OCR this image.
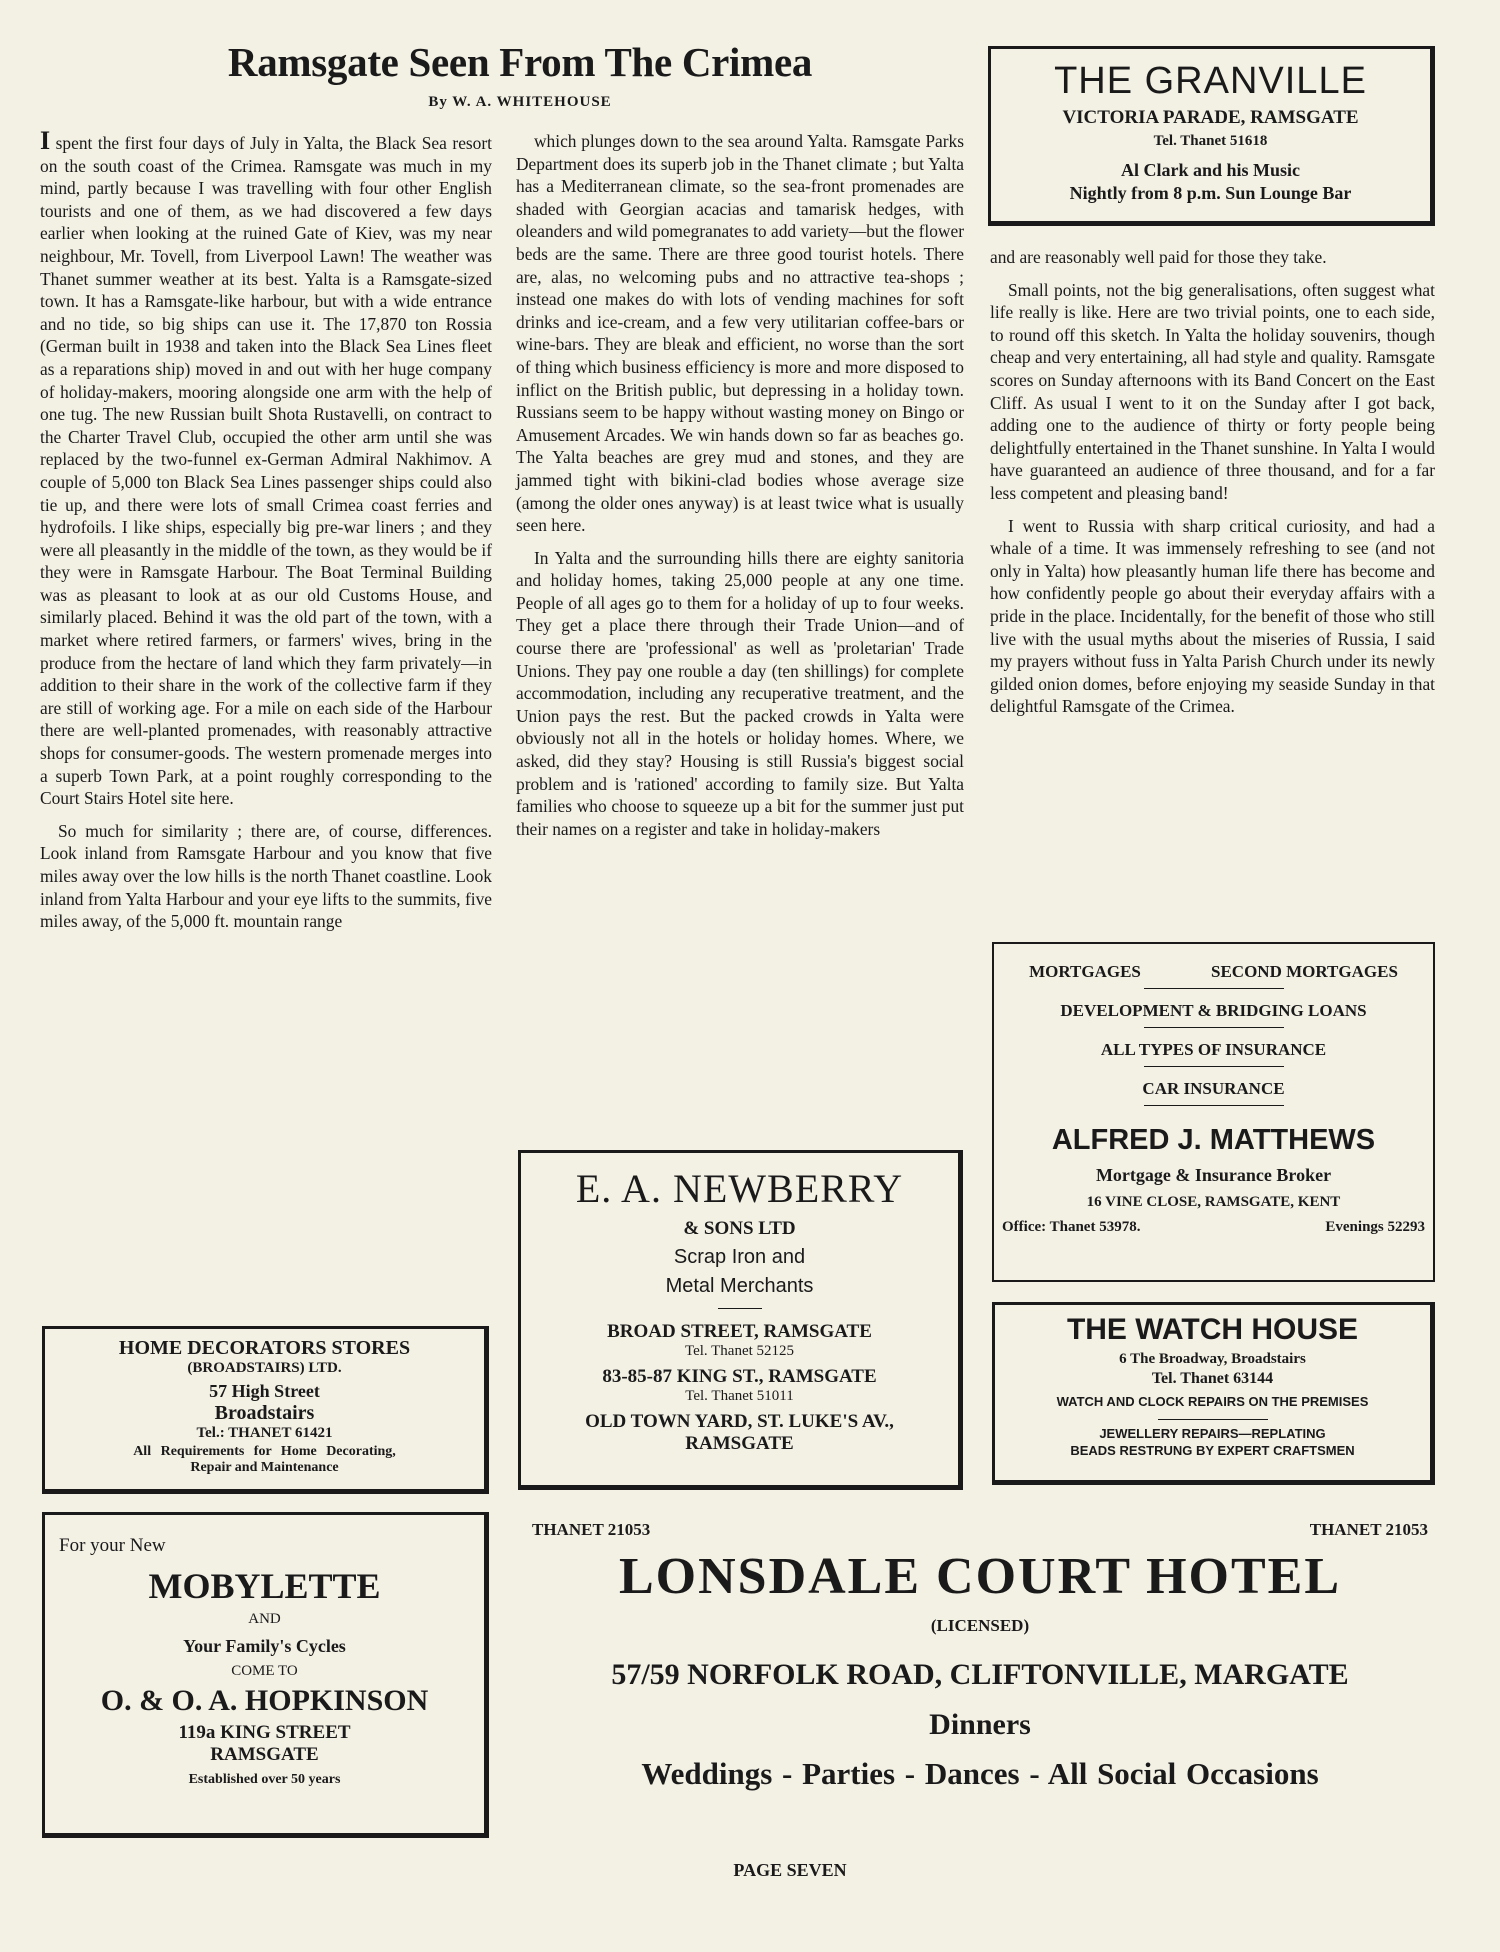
Ramsgate Seen From The Crimea
By W. A. WHITEHOUSE

I spent the first four days of July in Yalta, the Black Sea resort on the south coast of the Crimea. Ramsgate was much in my mind, partly because I was travelling with four other English tourists and one of them, as we had discovered a few days earlier when looking at the ruined Gate of Kiev, was my near neighbour, Mr. Tovell, from Liverpool Lawn! The weather was Thanet summer weather at its best. Yalta is a Ramsgate-sized town. It has a Ramsgate-like harbour, but with a wide entrance and no tide, so big ships can use it. The 17,870 ton Rossia (German built in 1938 and taken into the Black Sea Lines fleet as a reparations ship) moved in and out with her huge company of holiday-makers, mooring alongside one arm with the help of one tug. The new Russian built Shota Rustavelli, on contract to the Charter Travel Club, occupied the other arm until she was replaced by the two-funnel ex-German Admiral Nakhimov. A couple of 5,000 ton Black Sea Lines passenger ships could also tie up, and there were lots of small Crimea coast ferries and hydrofoils. I like ships, especially big pre-war liners ; and they were all pleasantly in the middle of the town, as they would be if they were in Ramsgate Harbour. The Boat Terminal Building was as pleasant to look at as our old Customs House, and similarly placed. Behind it was the old part of the town, with a market where retired farmers, or farmers' wives, bring in the produce from the hectare of land which they farm privately—in addition to their share in the work of the collective farm if they are still of working age. For a mile on each side of the Harbour there are well-planted promenades, with reasonably attractive shops for consumer-goods. The western promenade merges into a superb Town Park, at a point roughly corresponding to the Court Stairs Hotel site here.

So much for similarity ; there are, of course, differences. Look inland from Ramsgate Harbour and you know that five miles away over the low hills is the north Thanet coastline. Look inland from Yalta Harbour and your eye lifts to the summits, five miles away, of the 5,000 ft. mountain range

which plunges down to the sea around Yalta. Ramsgate Parks Department does its superb job in the Thanet climate ; but Yalta has a Mediterranean climate, so the sea-front promenades are shaded with Georgian acacias and tamarisk hedges, with oleanders and wild pomegranates to add variety—but the flower beds are the same. There are three good tourist hotels. There are, alas, no welcoming pubs and no attractive tea-shops ; instead one makes do with lots of vending machines for soft drinks and ice-cream, and a few very utilitarian coffee-bars or wine-bars. They are bleak and efficient, no worse than the sort of thing which business efficiency is more and more disposed to inflict on the British public, but depressing in a holiday town. Russians seem to be happy without wasting money on Bingo or Amusement Arcades. We win hands down so far as beaches go. The Yalta beaches are grey mud and stones, and they are jammed tight with bikini-clad bodies whose average size (among the older ones anyway) is at least twice what is usually seen here.

In Yalta and the surrounding hills there are eighty sanitoria and holiday homes, taking 25,000 people at any one time. People of all ages go to them for a holiday of up to four weeks. They get a place there through their Trade Union—and of course there are 'professional' as well as 'proletarian' Trade Unions. They pay one rouble a day (ten shillings) for complete accommodation, including any recuperative treatment, and the Union pays the rest. But the packed crowds in Yalta were obviously not all in the hotels or holiday homes. Where, we asked, did they stay? Housing is still Russia's biggest social problem and is 'rationed' according to family size. But Yalta families who choose to squeeze up a bit for the summer just put their names on a register and take in holiday-makers

and are reasonably well paid for those they take.

Small points, not the big generalisations, often suggest what life really is like. Here are two trivial points, one to each side, to round off this sketch. In Yalta the holiday souvenirs, though cheap and very entertaining, all had style and quality. Ramsgate scores on Sunday afternoons with its Band Concert on the East Cliff. As usual I went to it on the Sunday after I got back, adding one to the audience of thirty or forty people being delightfully entertained in the Thanet sunshine. In Yalta I would have guaranteed an audience of three thousand, and for a far less competent and pleasing band!

I went to Russia with sharp critical curiosity, and had a whale of a time. It was immensely refreshing to see (and not only in Yalta) how pleasantly human life there has become and how confidently people go about their everyday affairs with a pride in the place. Incidentally, for the benefit of those who still live with the usual myths about the miseries of Russia, I said my prayers without fuss in Yalta Parish Church under its newly gilded onion domes, before enjoying my seaside Sunday in that delightful Ramsgate of the Crimea.

THE GRANVILLE
VICTORIA PARADE, RAMSGATE
Tel. Thanet 51618
Al Clark and his Music
Nightly from 8 p.m. Sun Lounge Bar
MORTGAGES	SECOND MORTGAGES
DEVELOPMENT & BRIDGING LOANS
ALL TYPES OF INSURANCE
CAR INSURANCE
ALFRED J. MATTHEWS
Mortgage & Insurance Broker
16 VINE CLOSE, RAMSGATE, KENT
Office: Thanet 53978.	Evenings 52293
THE WATCH HOUSE
6 The Broadway, Broadstairs
Tel. Thanet 63144
WATCH AND CLOCK REPAIRS ON THE PREMISES
JEWELLERY REPAIRS—REPLATING
BEADS RESTRUNG BY EXPERT CRAFTSMEN
E. A. NEWBERRY
& SONS LTD
Scrap Iron and
Metal Merchants
BROAD STREET, RAMSGATE
Tel. Thanet 52125
83-85-87 KING ST., RAMSGATE
Tel. Thanet 51011
OLD TOWN YARD, ST. LUKE'S AV.,
RAMSGATE
HOME DECORATORS STORES
(BROADSTAIRS) LTD.
57 High Street
Broadstairs
Tel.: THANET 61421
All Requirements for Home Decorating,
Repair and Maintenance
For your New
MOBYLETTE
AND
Your Family's Cycles
COME TO
O. & O. A. HOPKINSON
119a KING STREET
RAMSGATE
Established over 50 years
THANET 21053	THANET 21053
LONSDALE COURT HOTEL
(LICENSED)
57/59 NORFOLK ROAD, CLIFTONVILLE, MARGATE
Dinners
Weddings - Parties - Dances - All Social Occasions
PAGE SEVEN
